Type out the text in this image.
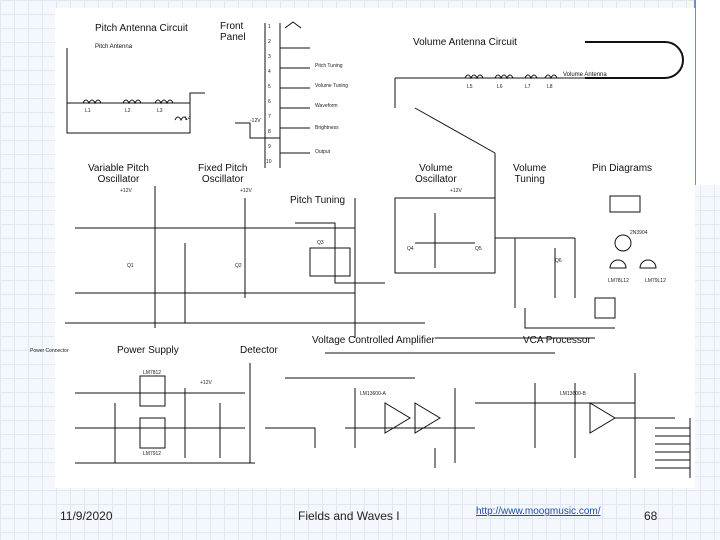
Pitch Antenna Circuit
Pitch Antenna
Front
Panel	Volume Antenna Circuit
Volume Antenna
Variable Pitch
Oscillator
Fixed Pitch
Oscillator
Volume
Oscillator
Volume
Tuning
Pin Diagrams
Pitch Tuning
Power Supply	Detector
Voltage Controlled Amplifier	VCA Processor
1
2
3
4
5
6
7
8
9
10
Pitch Tuning
Volume Tuning
Waveform
Brightness
Output
L1	L2	L3
L4
L5	L6	L7	L8
-12V
+12V	+12V	+12V
+12V
Q1	Q2
Q3
Q4	Q5
Q6
LM13600-A	LM13600-B
LM7812
LM7912
2N3904
LM78L12	LM79L12
Power Connector
11/9/2020	Fields and Waves I	http://www.moogmusic.com/	68
